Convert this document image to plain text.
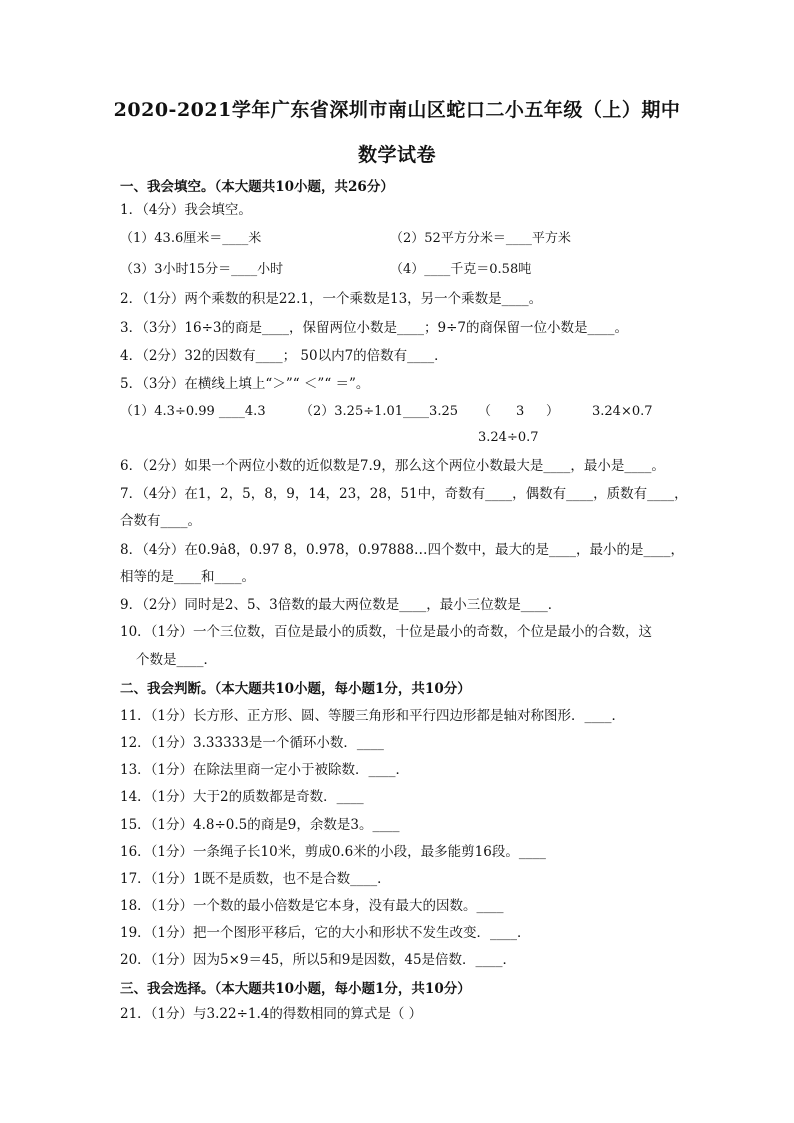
2020-2021学年广东省深圳市南山区蛇口二小五年级（上）期中
数学试卷
一、我会填空。（本大题共10小题，共26分）
1．（4分）我会填空。
（1）43.6厘米＝____米	（2）52平方分米＝____平方米
（3）3小时15分＝____小时	（4）____千克＝0.58吨
2．（1分）两个乘数的积是22.1，一个乘数是13，另一个乘数是____。
3．（3分）16÷3的商是____，保留两位小数是____；9÷7的商保留一位小数是____。
4．（2分）32的因数有____； 50以内7的倍数有____．
5．（3分）在横线上填上“＞”“ ＜”“ ＝”。
（1）4.3÷0.99 ____4.3	（2）3.25÷1.01____3.25 （ 3 ）	3.24×0.7
3.24÷0.7
6．（2分）如果一个两位小数的近似数是7.9，那么这个两位小数最大是____，最小是____。
7．（4分）在1，2，5，8，9，14，23，28，51中，奇数有____，偶数有____，质数有____，
合数有____。
8．（4分）在0.9ȧ8̇，0.9̇7 8̇，0.978̇，0.97888…四个数中，最大的是____，最小的是____，
相等的是____和____。
9．（2分）同时是2、5、3倍数的最大两位数是____，最小三位数是____．
10．（1分）一个三位数，百位是最小的质数，十位是最小的奇数，个位是最小的合数，这
个数是____．
二、我会判断。（本大题共10小题，每小题1分，共10分）
11．（1分）长方形、正方形、圆、等腰三角形和平行四边形都是轴对称图形．____．
12．（1分）3.33333是一个循环小数．____
13．（1分）在除法里商一定小于被除数．____．
14．（1分）大于2的质数都是奇数．____
15．（1分）4.8÷0.5的商是9，余数是3。____
16．（1分）一条绳子长10米，剪成0.6米的小段，最多能剪16段。____
17．（1分）1既不是质数，也不是合数____．
18．（1分）一个数的最小倍数是它本身，没有最大的因数。____
19．（1分）把一个图形平移后，它的大小和形状不发生改变．____．
20．（1分）因为5×9＝45，所以5和9是因数，45是倍数．____．
三、我会选择。（本大题共10小题，每小题1分，共10分）
21．（1分）与3.22÷1.4的得数相同的算式是（ ）
